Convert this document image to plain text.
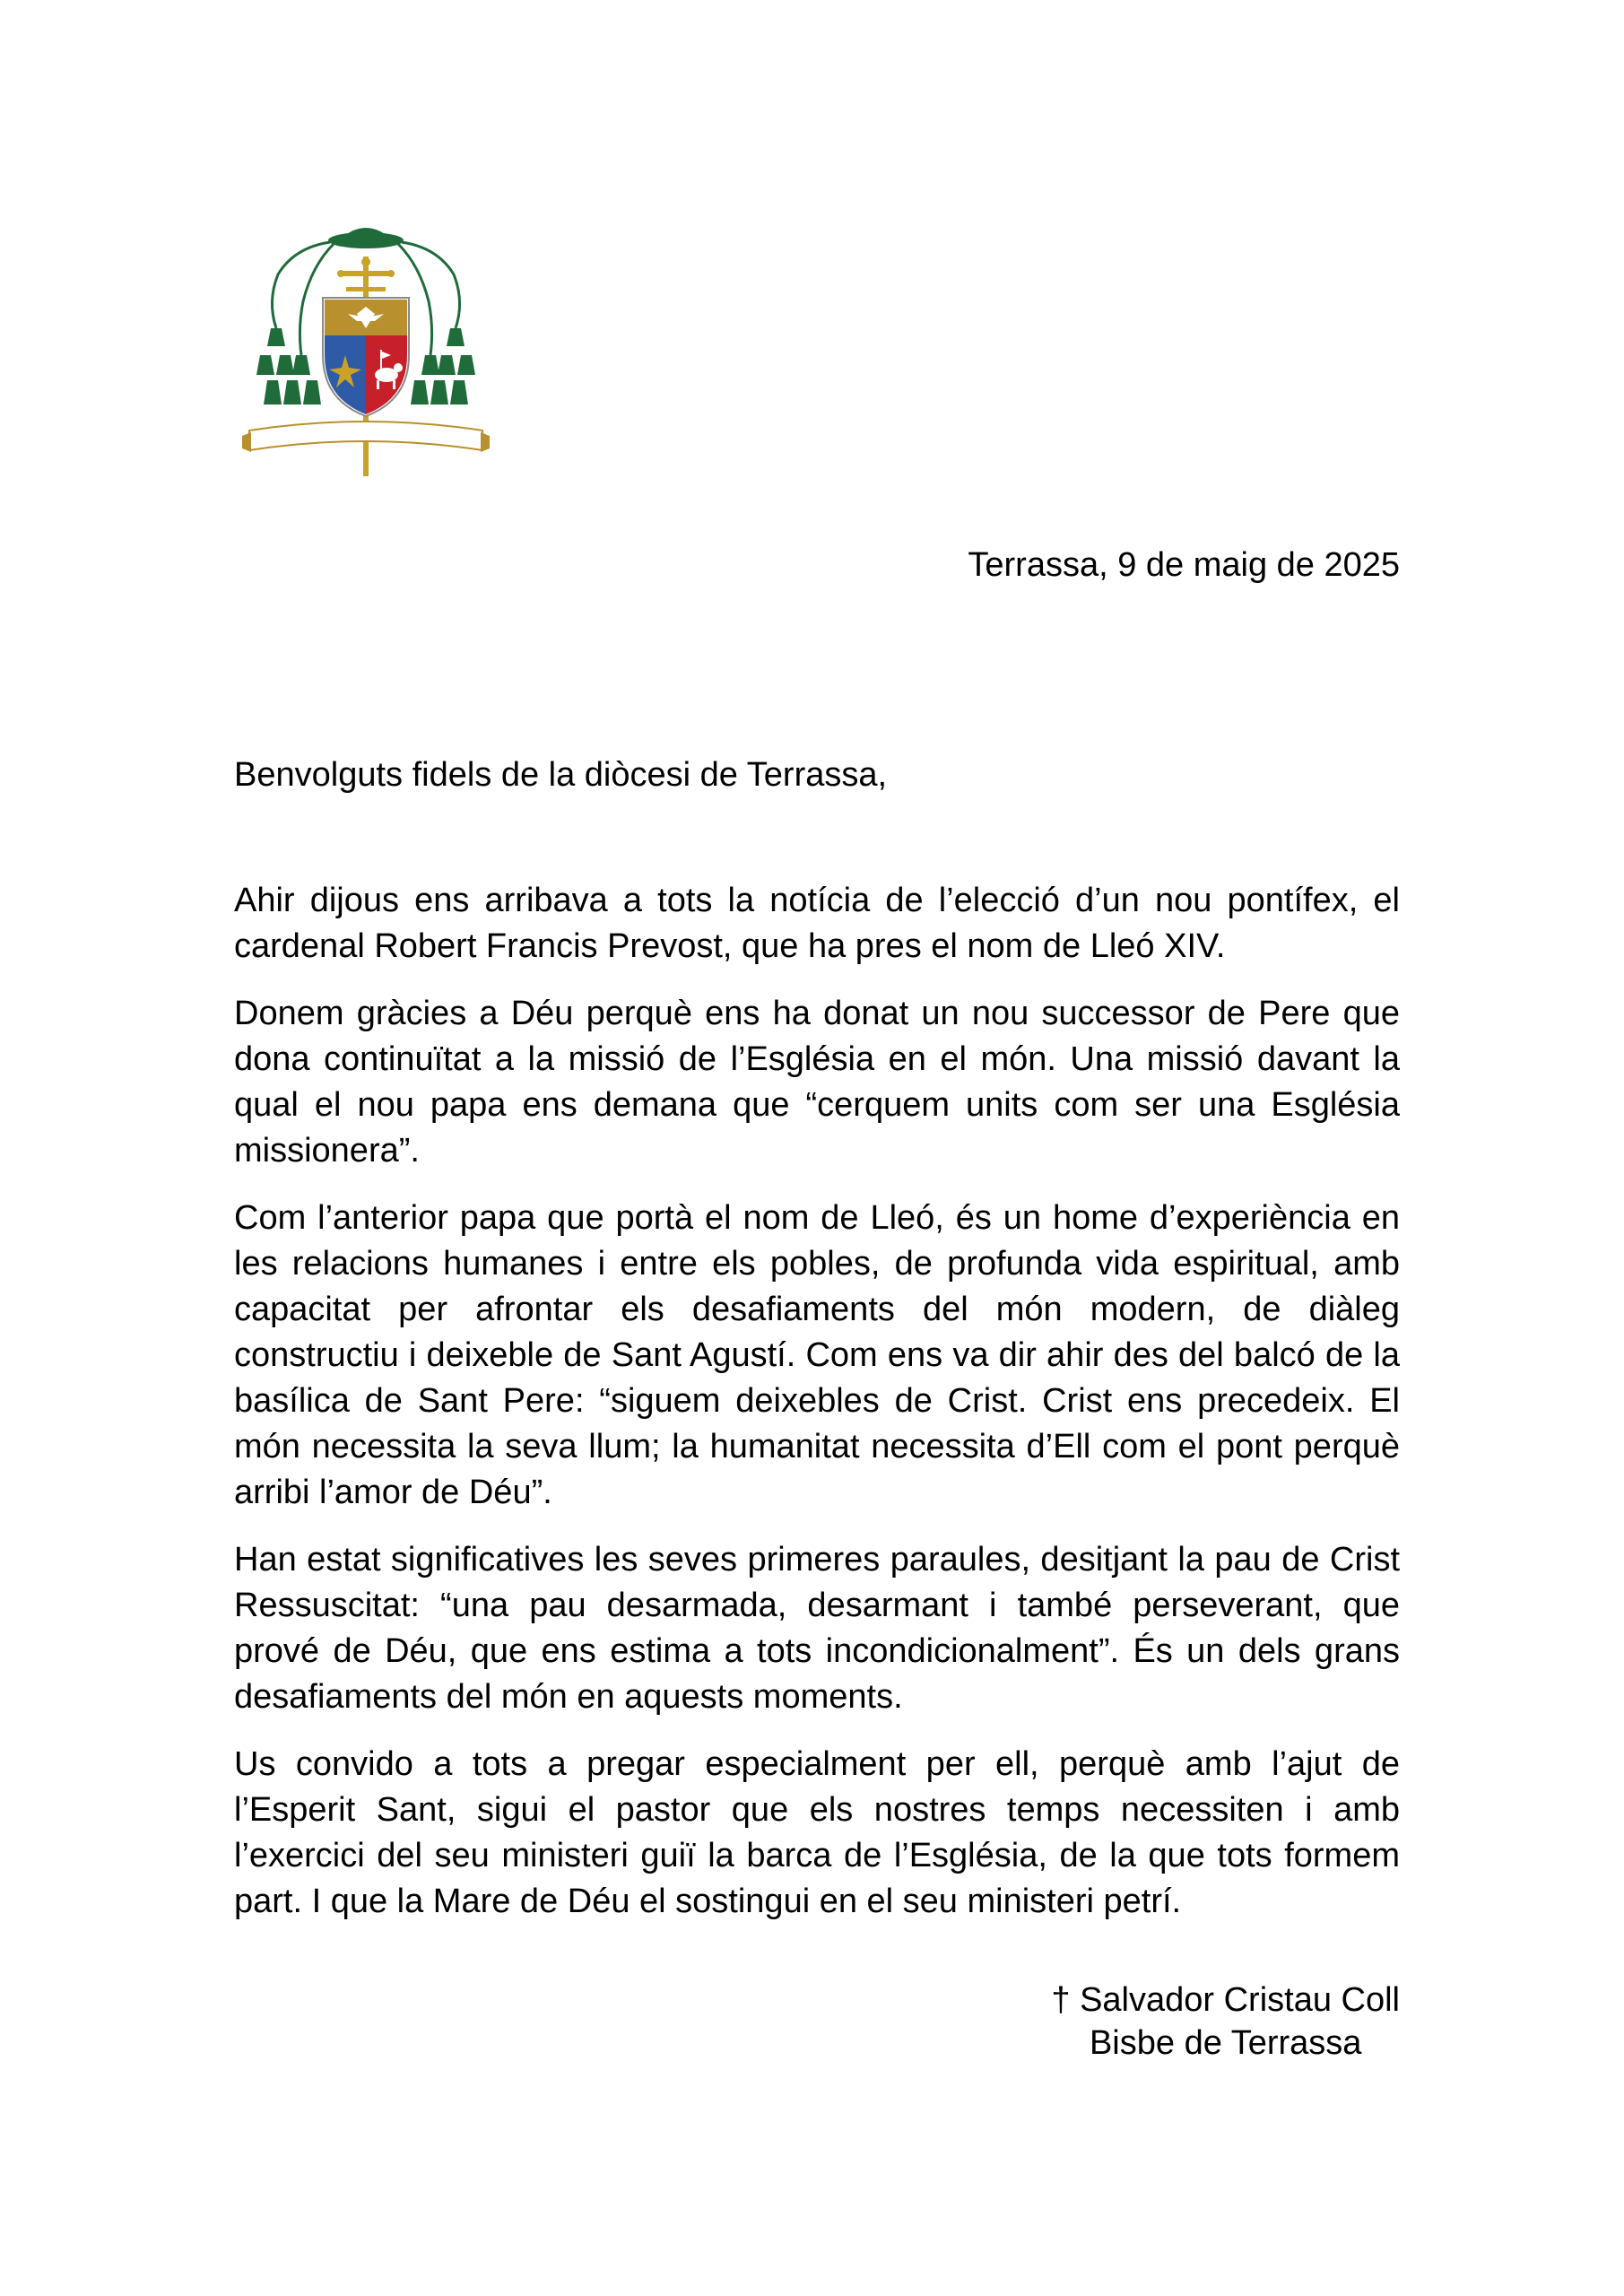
Terrassa, 9 de maig de 2025
Benvolguts fidels de la diòcesi de Terrassa,

Ahir dijous ens arribava a tots la notícia de l’elecció d’un nou pontífex, el cardenal Robert Francis Prevost, que ha pres el nom de Lleó XIV.

Donem gràcies a Déu perquè ens ha donat un nou successor de Pere que dona continuïtat a la missió de l’Església en el món. Una missió davant la qual el nou papa ens demana que “cerquem units com ser una Església missionera”.

Com l’anterior papa que portà el nom de Lleó, és un home d’experiència en les relacions humanes i entre els pobles, de profunda vida espiritual, amb capacitat per afrontar els desafiaments del món modern, de diàleg constructiu i deixeble de Sant Agustí. Com ens va dir ahir des del balcó de la basílica de Sant Pere: “siguem deixebles de Crist. Crist ens precedeix. El món necessita la seva llum; la humanitat necessita d’Ell com el pont perquè arribi l’amor de Déu”.

Han estat significatives les seves primeres paraules, desitjant la pau de Crist Ressuscitat: “una pau desarmada, desarmant i també perseverant, que prové de Déu, que ens estima a tots incondicionalment”. És un dels grans desafiaments del món en aquests moments.

Us convido a tots a pregar especialment per ell, perquè amb l’ajut de l’Esperit Sant, sigui el pastor que els nostres temps necessiten i amb l’exercici del seu ministeri guiï la barca de l’Església, de la que tots formem part. I que la Mare de Déu el sostingui en el seu ministeri petrí.

† Salvador Cristau Coll
Bisbe de Terrassa
